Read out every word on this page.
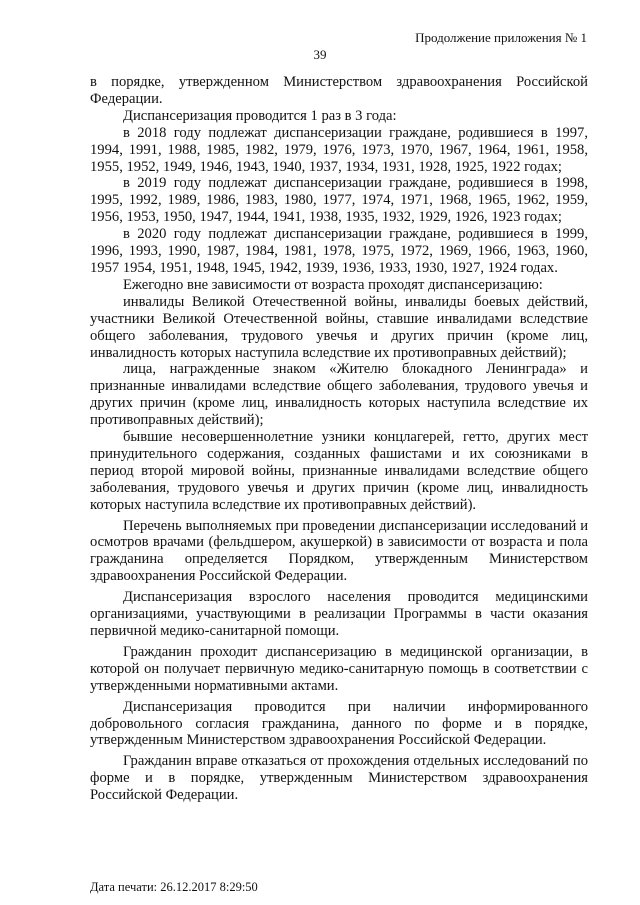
Продолжение приложения № 1
39

в порядке, утвержденном Министерством здравоохранения Российской Федерации.

Диспансеризация проводится 1 раз в 3 года:

в 2018 году подлежат диспансеризации граждане, родившиеся в 1997, 1994, 1991, 1988, 1985, 1982, 1979, 1976, 1973, 1970, 1967, 1964, 1961, 1958, 1955, 1952, 1949, 1946, 1943, 1940, 1937, 1934, 1931, 1928, 1925, 1922 годах;

в 2019 году подлежат диспансеризации граждане, родившиеся в 1998, 1995, 1992, 1989, 1986, 1983, 1980, 1977, 1974, 1971, 1968, 1965, 1962, 1959, 1956, 1953, 1950, 1947, 1944, 1941, 1938, 1935, 1932, 1929, 1926, 1923 годах;

в 2020 году подлежат диспансеризации граждане, родившиеся в 1999, 1996, 1993, 1990, 1987, 1984, 1981, 1978, 1975, 1972, 1969, 1966, 1963, 1960, 1957 1954, 1951, 1948, 1945, 1942, 1939, 1936, 1933, 1930, 1927, 1924 годах.

Ежегодно вне зависимости от возраста проходят диспансеризацию:

инвалиды Великой Отечественной войны, инвалиды боевых действий, участники Великой Отечественной войны, ставшие инвалидами вследствие общего заболевания, трудового увечья и других причин (кроме лиц, инвалидность которых наступила вследствие их противоправных действий);

лица, награжденные знаком «Жителю блокадного Ленинграда» и признанные инвалидами вследствие общего заболевания, трудового увечья и других причин (кроме лиц, инвалидность которых наступила вследствие их противоправных действий);

бывшие несовершеннолетние узники концлагерей, гетто, других мест принудительного содержания, созданных фашистами и их союзниками в период второй мировой войны, признанные инвалидами вследствие общего заболевания, трудового увечья и других причин (кроме лиц, инвалидность которых наступила вследствие их противоправных действий).

Перечень выполняемых при проведении диспансеризации исследований и осмотров врачами (фельдшером, акушеркой) в зависимости от возраста и пола гражданина определяется Порядком, утвержденным Министерством здравоохранения Российской Федерации.

Диспансеризация взрослого населения проводится медицинскими организациями, участвующими в реализации Программы в части оказания первичной медико-санитарной помощи.

Гражданин проходит диспансеризацию в медицинской организации, в которой он получает первичную медико-санитарную помощь в соответствии с утвержденными нормативными актами.

Диспансеризация проводится при наличии информированного добровольного согласия гражданина, данного по форме и в порядке, утвержденным Министерством здравоохранения Российской Федерации.

Гражданин вправе отказаться от прохождения отдельных исследований по форме и в порядке, утвержденным Министерством здравоохранения Российской Федерации.

Дата печати: 26.12.2017 8:29:50
